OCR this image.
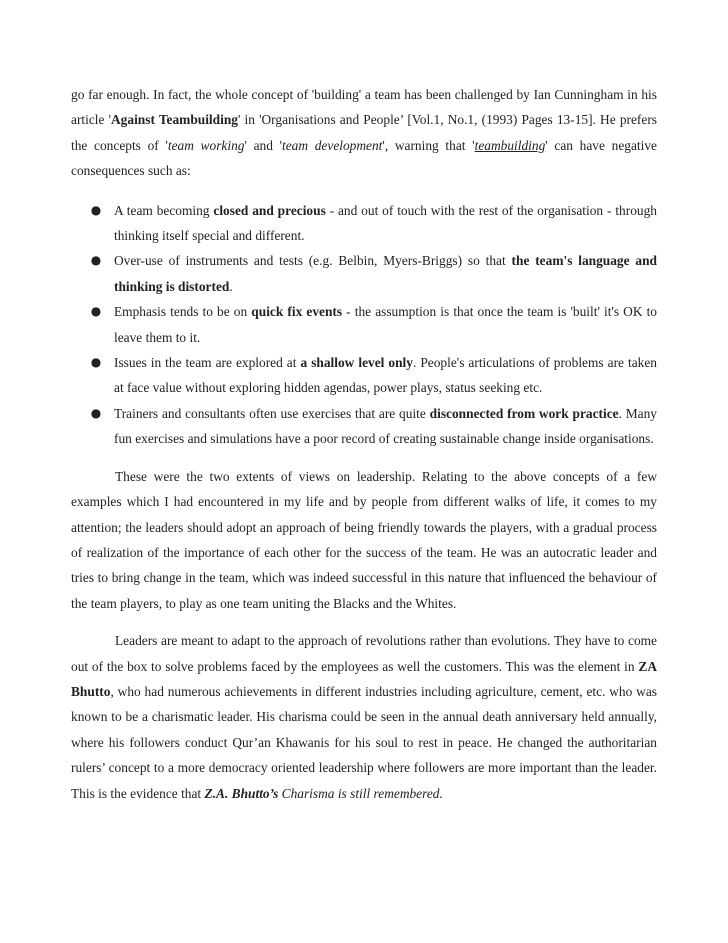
go far enough. In fact, the whole concept of 'building' a team has been challenged by Ian Cunningham in his article 'Against Teambuilding' in 'Organisations and People’ [Vol.1, No.1, (1993) Pages 13-15]. He prefers the concepts of 'team working' and 'team development', warning that 'teambuilding' can have negative consequences such as:

● A team becoming closed and precious - and out of touch with the rest of the organisation - through thinking itself special and different.
● Over-use of instruments and tests (e.g. Belbin, Myers-Briggs) so that the team's language and thinking is distorted.
● Emphasis tends to be on quick fix events - the assumption is that once the team is 'built' it's OK to leave them to it.
● Issues in the team are explored at a shallow level only. People's articulations of problems are taken at face value without exploring hidden agendas, power plays, status seeking etc.
● Trainers and consultants often use exercises that are quite disconnected from work practice. Many fun exercises and simulations have a poor record of creating sustainable change inside organisations.

These were the two extents of views on leadership. Relating to the above concepts of a few examples which I had encountered in my life and by people from different walks of life, it comes to my attention; the leaders should adopt an approach of being friendly towards the players, with a gradual process of realization of the importance of each other for the success of the team. He was an autocratic leader and tries to bring change in the team, which was indeed successful in this nature that influenced the behaviour of the team players, to play as one team uniting the Blacks and the Whites.

Leaders are meant to adapt to the approach of revolutions rather than evolutions. They have to come out of the box to solve problems faced by the employees as well the customers. This was the element in ZA Bhutto, who had numerous achievements in different industries including agriculture, cement, etc. who was known to be a charismatic leader. His charisma could be seen in the annual death anniversary held annually, where his followers conduct Qur’an Khawanis for his soul to rest in peace. He changed the authoritarian rulers’ concept to a more democracy oriented leadership where followers are more important than the leader. This is the evidence that Z.A. Bhutto’s Charisma is still remembered.
